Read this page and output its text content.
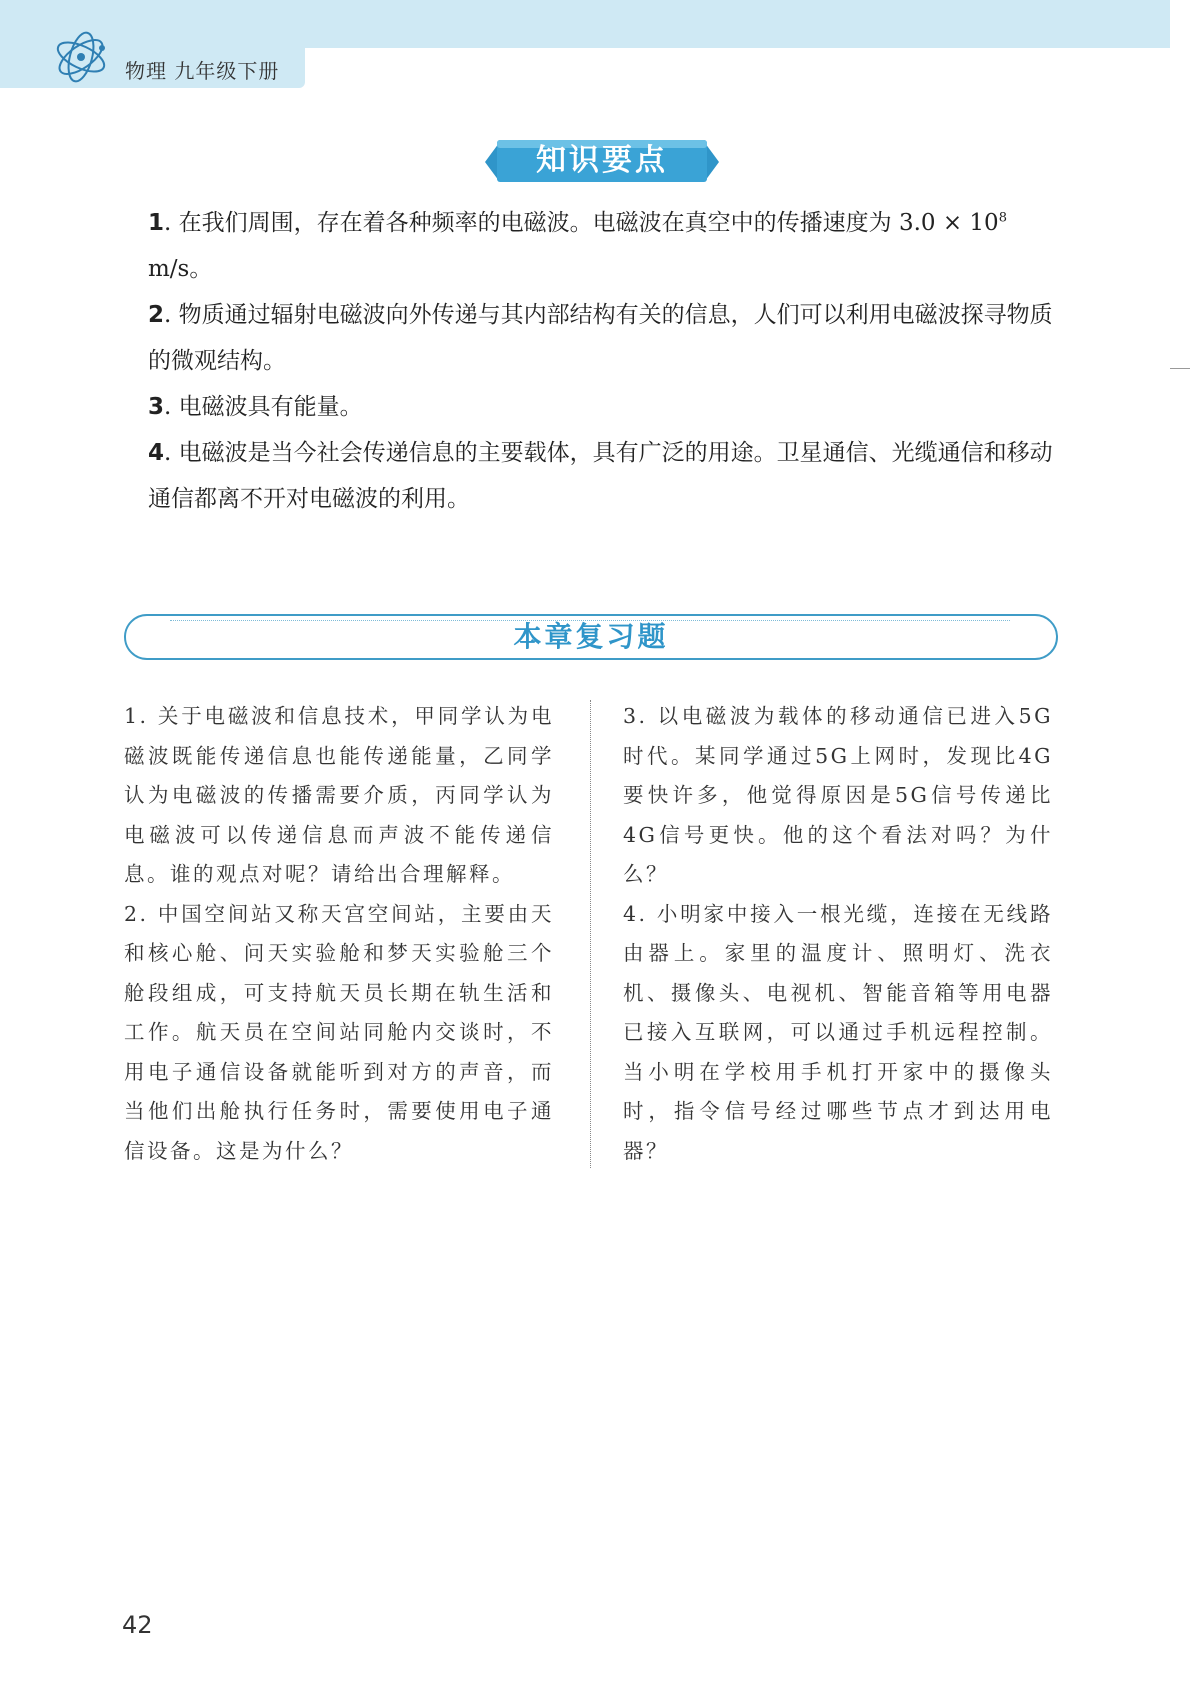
物理 九年级下册
知识要点

1. 在我们周围，存在着各种频率的电磁波。电磁波在真空中的传播速度为 $3.0 \times 10^8$ m/s。

2. 物质通过辐射电磁波向外传递与其内部结构有关的信息，人们可以利用电磁波探寻物质的微观结构。

3. 电磁波具有能量。

4. 电磁波是当今社会传递信息的主要载体，具有广泛的用途。卫星通信、光缆通信和移动通信都离不开对电磁波的利用。

本章复习题

1. 关于电磁波和信息技术，甲同学认为电磁波既能传递信息也能传递能量，乙同学认为电磁波的传播需要介质，丙同学认为电磁波可以传递信息而声波不能传递信息。谁的观点对呢？请给出合理解释。

2. 中国空间站又称天宫空间站，主要由天和核心舱、问天实验舱和梦天实验舱三个舱段组成，可支持航天员长期在轨生活和工作。航天员在空间站同舱内交谈时，不用电子通信设备就能听到对方的声音，而当他们出舱执行任务时，需要使用电子通信设备。这是为什么？

3. 以电磁波为载体的移动通信已进入5G时代。某同学通过5G上网时，发现比4G要快许多，他觉得原因是5G信号传递比4G信号更快。他的这个看法对吗？为什么？

4. 小明家中接入一根光缆，连接在无线路由器上。家里的温度计、照明灯、洗衣机、摄像头、电视机、智能音箱等用电器已接入互联网，可以通过手机远程控制。当小明在学校用手机打开家中的摄像头时，指令信号经过哪些节点才到达用电器？

42
